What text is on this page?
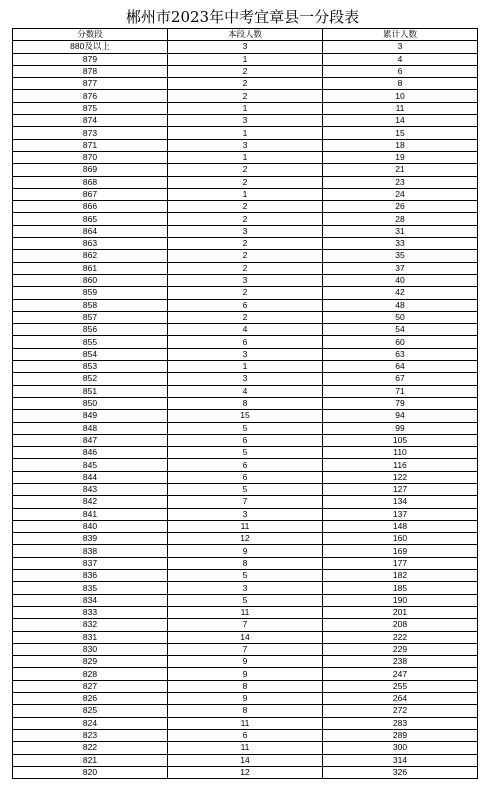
郴州市2023年中考宜章县一分段表
分数段	本段人数	累计人数
880及以上	3	3
879	1	4
878	2	6
877	2	8
876	2	10
875	1	11
874	3	14
873	1	15
871	3	18
870	1	19
869	2	21
868	2	23
867	1	24
866	2	26
865	2	28
864	3	31
863	2	33
862	2	35
861	2	37
860	3	40
859	2	42
858	6	48
857	2	50
856	4	54
855	6	60
854	3	63
853	1	64
852	3	67
851	4	71
850	8	79
849	15	94
848	5	99
847	6	105
846	5	110
845	6	116
844	6	122
843	5	127
842	7	134
841	3	137
840	11	148
839	12	160
838	9	169
837	8	177
836	5	182
835	3	185
834	5	190
833	11	201
832	7	208
831	14	222
830	7	229
829	9	238
828	9	247
827	8	255
826	9	264
825	8	272
824	11	283
823	6	289
822	11	300
821	14	314
820	12	326
